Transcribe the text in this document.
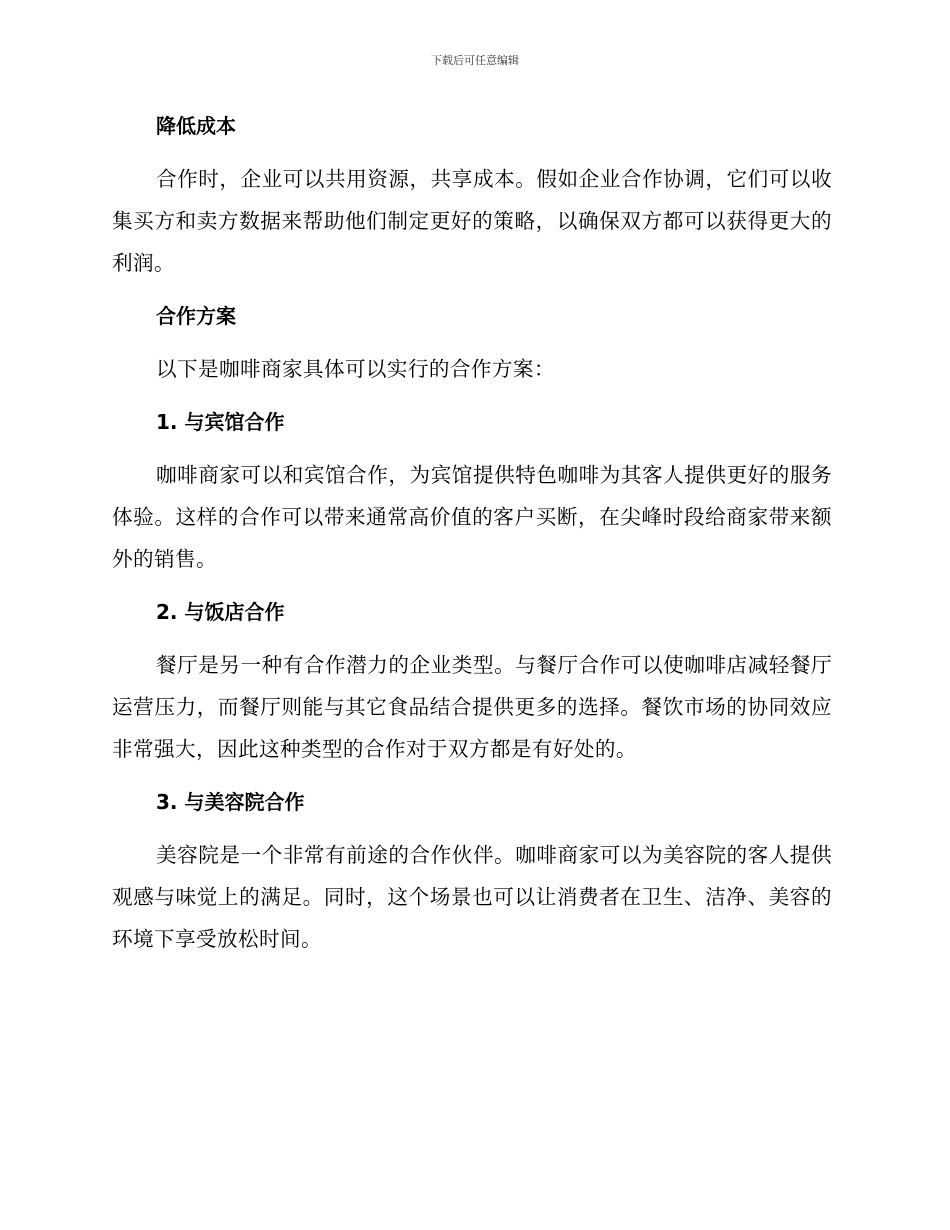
下载后可任意编辑
降低成本

合作时，企业可以共用资源，共享成本。假如企业合作协调，它们可以收集买方和卖方数据来帮助他们制定更好的策略，以确保双方都可以获得更大的利润。

合作方案

以下是咖啡商家具体可以实行的合作方案：

1. 与宾馆合作

咖啡商家可以和宾馆合作，为宾馆提供特色咖啡为其客人提供更好的服务体验。这样的合作可以带来通常高价值的客户买断，在尖峰时段给商家带来额外的销售。

2. 与饭店合作

餐厅是另一种有合作潜力的企业类型。与餐厅合作可以使咖啡店减轻餐厅运营压力，而餐厅则能与其它食品结合提供更多的选择。餐饮市场的协同效应非常强大，因此这种类型的合作对于双方都是有好处的。

3. 与美容院合作

美容院是一个非常有前途的合作伙伴。咖啡商家可以为美容院的客人提供观感与味觉上的满足。同时，这个场景也可以让消费者在卫生、洁净、美容的环境下享受放松时间。
